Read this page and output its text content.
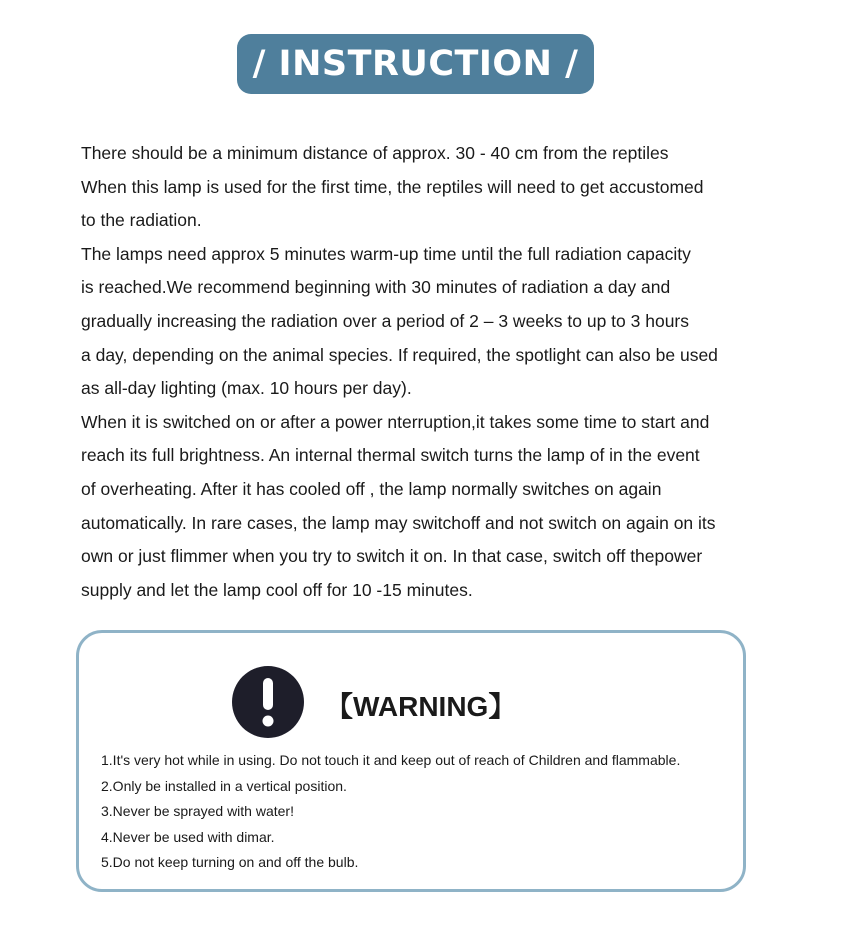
/ INSTRUCTION /
There should be a minimum distance of approx. 30 - 40 cm from the reptiles
When this lamp is used for the first time, the reptiles will need to get accustomed
to the radiation.
The lamps need approx 5 minutes warm-up time until the full radiation capacity
is reached.We recommend beginning with 30 minutes of radiation a day and
gradually increasing the radiation over a period of 2 – 3 weeks to up to 3 hours
a day, depending on the animal species. If required, the spotlight can also be used
as all-day lighting (max. 10 hours per day).
When it is switched on or after a power nterruption,it takes some time to start and
reach its full brightness. An internal thermal switch turns the lamp of in the event
of overheating. After it has cooled off , the lamp normally switches on again
automatically. In rare cases, the lamp may switchoff and not switch on again on its
own or just flimmer when you try to switch it on. In that case, switch off thepower
supply and let the lamp cool off for 10 -15 minutes.
【WARNING】
1.It's very hot while in using. Do not touch it and keep out of reach of Children and flammable.
2.Only be installed in a vertical position.
3.Never be sprayed with water!
4.Never be used with dimar.
5.Do not keep turning on and off the bulb.
